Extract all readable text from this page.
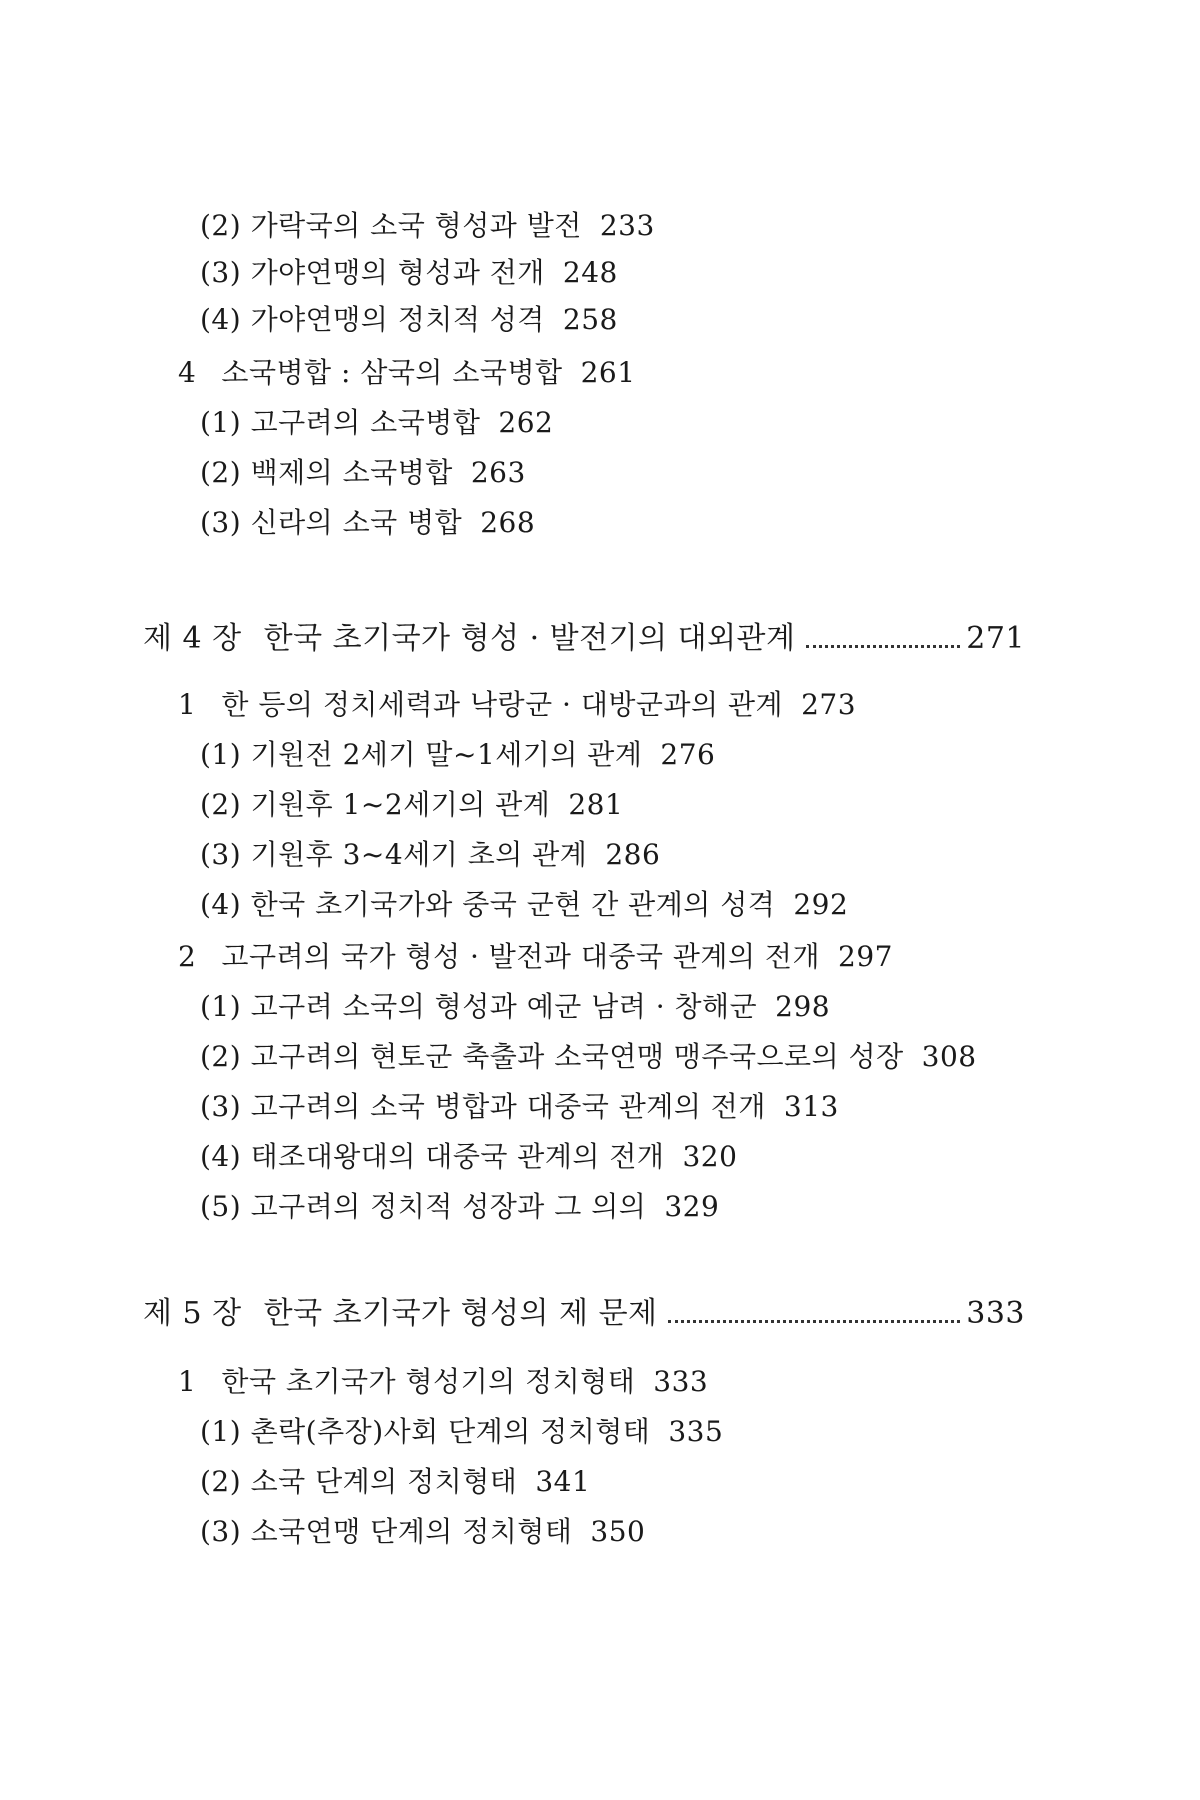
(2) 가락국의 소국 형성과 발전 233
(3) 가야연맹의 형성과 전개 248
(4) 가야연맹의 정치적 성격 258
4 소국병합 : 삼국의 소국병합 261
(1) 고구려의 소국병합 262
(2) 백제의 소국병합 263
(3) 신라의 소국 병합 268
제 4 장 한국 초기국가 형성 · 발전기의 대외관계	271
1 한 등의 정치세력과 낙랑군 · 대방군과의 관계 273
(1) 기원전 2세기 말~1세기의 관계 276
(2) 기원후 1~2세기의 관계 281
(3) 기원후 3~4세기 초의 관계 286
(4) 한국 초기국가와 중국 군현 간 관계의 성격 292
2 고구려의 국가 형성 · 발전과 대중국 관계의 전개 297
(1) 고구려 소국의 형성과 예군 남려 · 창해군 298
(2) 고구려의 현토군 축출과 소국연맹 맹주국으로의 성장 308
(3) 고구려의 소국 병합과 대중국 관계의 전개 313
(4) 태조대왕대의 대중국 관계의 전개 320
(5) 고구려의 정치적 성장과 그 의의 329
제 5 장 한국 초기국가 형성의 제 문제	333
1 한국 초기국가 형성기의 정치형태 333
(1) 촌락(추장)사회 단계의 정치형태 335
(2) 소국 단계의 정치형태 341
(3) 소국연맹 단계의 정치형태 350
